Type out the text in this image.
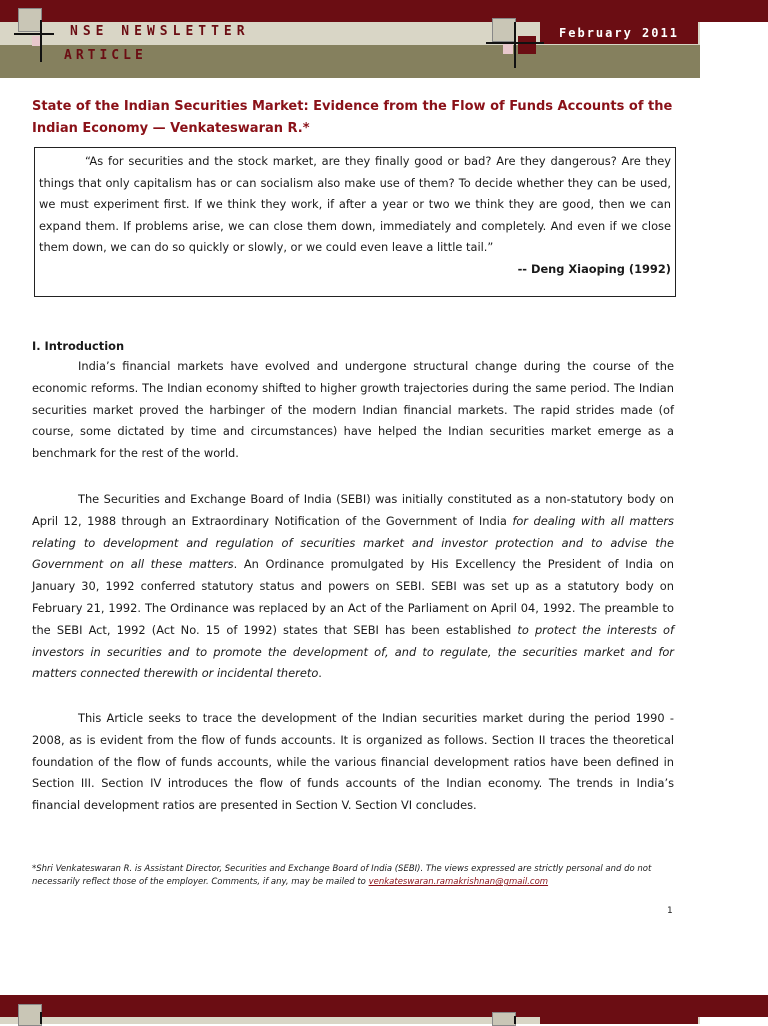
February 2011
NSE NEWSLETTER
ARTICLE
State of the Indian Securities Market: Evidence from the Flow of Funds Accounts of the Indian Economy — Venkateswaran R.*

“As for securities and the stock market, are they finally good or bad? Are they dangerous? Are they things that only capitalism has or can socialism also make use of them? To decide whether they can be used, we must experiment first. If we think they work, if after a year or two we think they are good, then we can expand them. If problems arise, we can close them down, immediately and completely. And even if we close them down, we can do so quickly or slowly, or we could even leave a little tail.”

-- Deng Xiaoping (1992)

I. Introduction

India’s financial markets have evolved and undergone structural change during the course of the economic reforms. The Indian economy shifted to higher growth trajectories during the same period. The Indian securities market proved the harbinger of the modern Indian financial markets. The rapid strides made (of course, some dictated by time and circumstances) have helped the Indian securities market emerge as a benchmark for the rest of the world.

The Securities and Exchange Board of India (SEBI) was initially constituted as a non-statutory body on April 12, 1988 through an Extraordinary Notification of the Government of India for dealing with all matters relating to development and regulation of securities market and investor protection and to advise the Government on all these matters. An Ordinance promulgated by His Excellency the President of India on January 30, 1992 conferred statutory status and powers on SEBI. SEBI was set up as a statutory body on February 21, 1992. The Ordinance was replaced by an Act of the Parliament on April 04, 1992. The preamble to the SEBI Act, 1992 (Act No. 15 of 1992) states that SEBI has been established to protect the interests of investors in securities and to promote the development of, and to regulate, the securities market and for matters connected therewith or incidental thereto.

This Article seeks to trace the development of the Indian securities market during the period 1990 - 2008, as is evident from the flow of funds accounts. It is organized as follows. Section II traces the theoretical foundation of the flow of funds accounts, while the various financial development ratios have been defined in Section III. Section IV introduces the flow of funds accounts of the Indian economy. The trends in India’s financial development ratios are presented in Section V. Section VI concludes.

*Shri Venkateswaran R. is Assistant Director, Securities and Exchange Board of India (SEBI). The views expressed are strictly personal and do not necessarily reflect those of the employer. Comments, if any, may be mailed to venkateswaran.ramakrishnan@gmail.com
1
